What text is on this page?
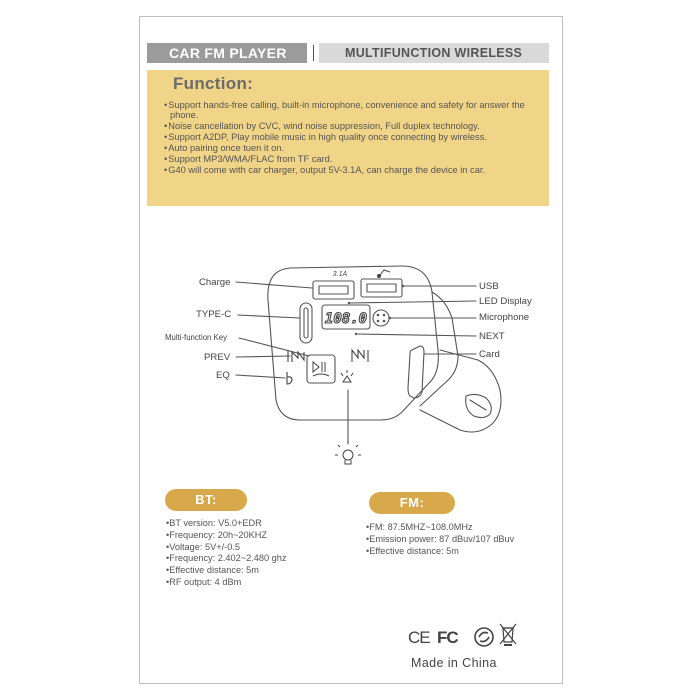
CAR FM PLAYER	MULTIFUNCTION WIRELESS
Function:
• Support hands-free calling, built-in microphone, convenience and safety for answer the phone.
• Noise cancellation by CVC, wind noise suppression, Full duplex technology.
• Support A2DP, Play mobile music in high quality once connecting by wireless.
• Auto pairing once tuen it on.
• Support MP3/WMA/FLAC from TF card.
• G40 will come with car charger, output 5V-3.1A, can charge the device in car.
108.0
3.1A
Charge
TYPE-C
Multi-function Key
PREV
EQ
USB
LED Display
Microphone
NEXT
Card
BT:
• BT version: V5.0+EDR
• Frequency: 20h~20KHZ
• Voltage: 5V+/-0.5
• Frequency: 2.402~2.480 ghz
• Effective distance: 5m
• RF output: 4 dBm
FM:
• FM: 87.5MHZ~108.0MHz
• Emission power: 87 dBuv/107 dBuv
• Effective distance: 5m
CE FC
Made in China
